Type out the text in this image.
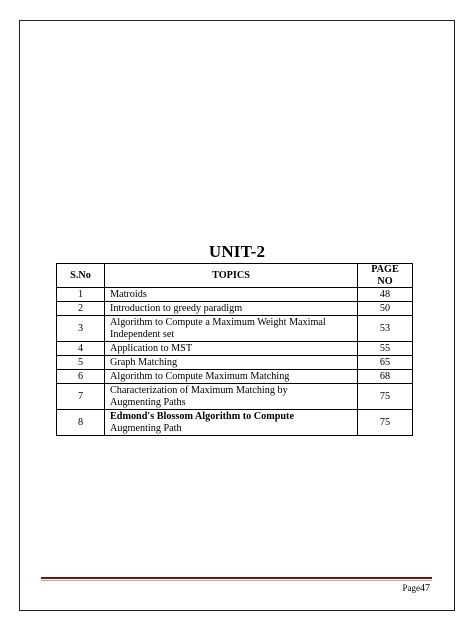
UNIT-2
S.No	TOPICS	PAGE NO
1	Matroids	48
2	Introduction to greedy paradigm	50
3	Algorithm to Compute a Maximum Weight Maximal
Independent set	53
4	Application to MST	55
5	Graph Matching	65
6	Algorithm to Compute Maximum Matching	68
7	Characterization of Maximum Matching by
Augmenting Paths	75
8	Edmond's Blossom Algorithm to Compute
Augmenting Path	75
Page47
